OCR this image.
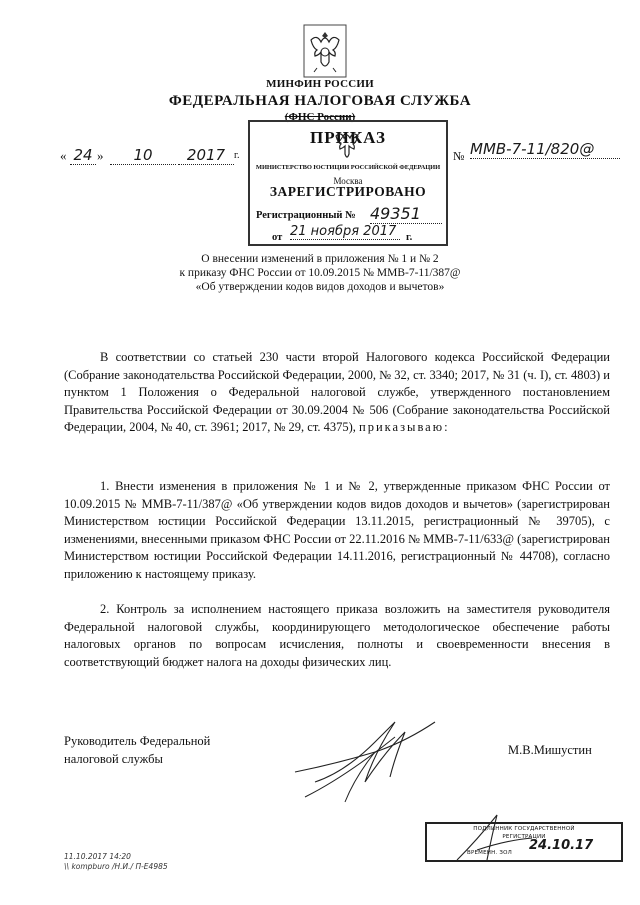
МИНФИН РОССИИ
ФЕДЕРАЛЬНАЯ НАЛОГОВАЯ СЛУЖБА
(ФНС России)
« 24 »	10	2017 г.	№ ММВ-7-11/820@
ПРИКАЗ
МИНИСТЕРСТВО ЮСТИЦИИ РОССИЙСКОЙ ФЕДЕРАЦИИ
Москва
ЗАРЕГИСТРИРОВАНО
Регистрационный № 49351
от 21 ноября 2017 г.
О внесении изменений в приложения № 1 и № 2
к приказу ФНС России от 10.09.2015 № ММВ-7-11/387@
«Об утверждении кодов видов доходов и вычетов»
В соответствии со статьей 230 части второй Налогового кодекса Российской Федерации (Собрание законодательства Российской Федерации, 2000, № 32, ст. 3340; 2017, № 31 (ч. I), ст. 4803) и пунктом 1 Положения о Федеральной налоговой службе, утвержденного постановлением Правительства Российской Федерации от 30.09.2004 № 506 (Собрание законодательства Российской Федерации, 2004, № 40, ст. 3961; 2017, № 29, ст. 4375), приказываю:
1. Внести изменения в приложения № 1 и № 2, утвержденные приказом ФНС России от 10.09.2015 № ММВ-7-11/387@ «Об утверждении кодов видов доходов и вычетов» (зарегистрирован Министерством юстиции Российской Федерации 13.11.2015, регистрационный № 39705), с изменениями, внесенными приказом ФНС России от 22.11.2016 № ММВ-7-11/633@ (зарегистрирован Министерством юстиции Российской Федерации 14.11.2016, регистрационный № 44708), согласно приложению к настоящему приказу.
2. Контроль за исполнением настоящего приказа возложить на заместителя руководителя Федеральной налоговой службы, координирующего методологическое обеспечение работы налоговых органов по вопросам исчисления, полноты и своевременности внесения в соответствующий бюджет налога на доходы физических лиц.
Руководитель Федеральной
налоговой службы
М.В.Мишустин
ПОДЛИННИК ГОСУДАРСТВЕННОЙ
РЕГИСТРАЦИИ
ВРЕМЕНН. ЗОЛ 24.10.17
11.10.2017 14:20
\\ kompburo /Н.И./ П-Е4985
